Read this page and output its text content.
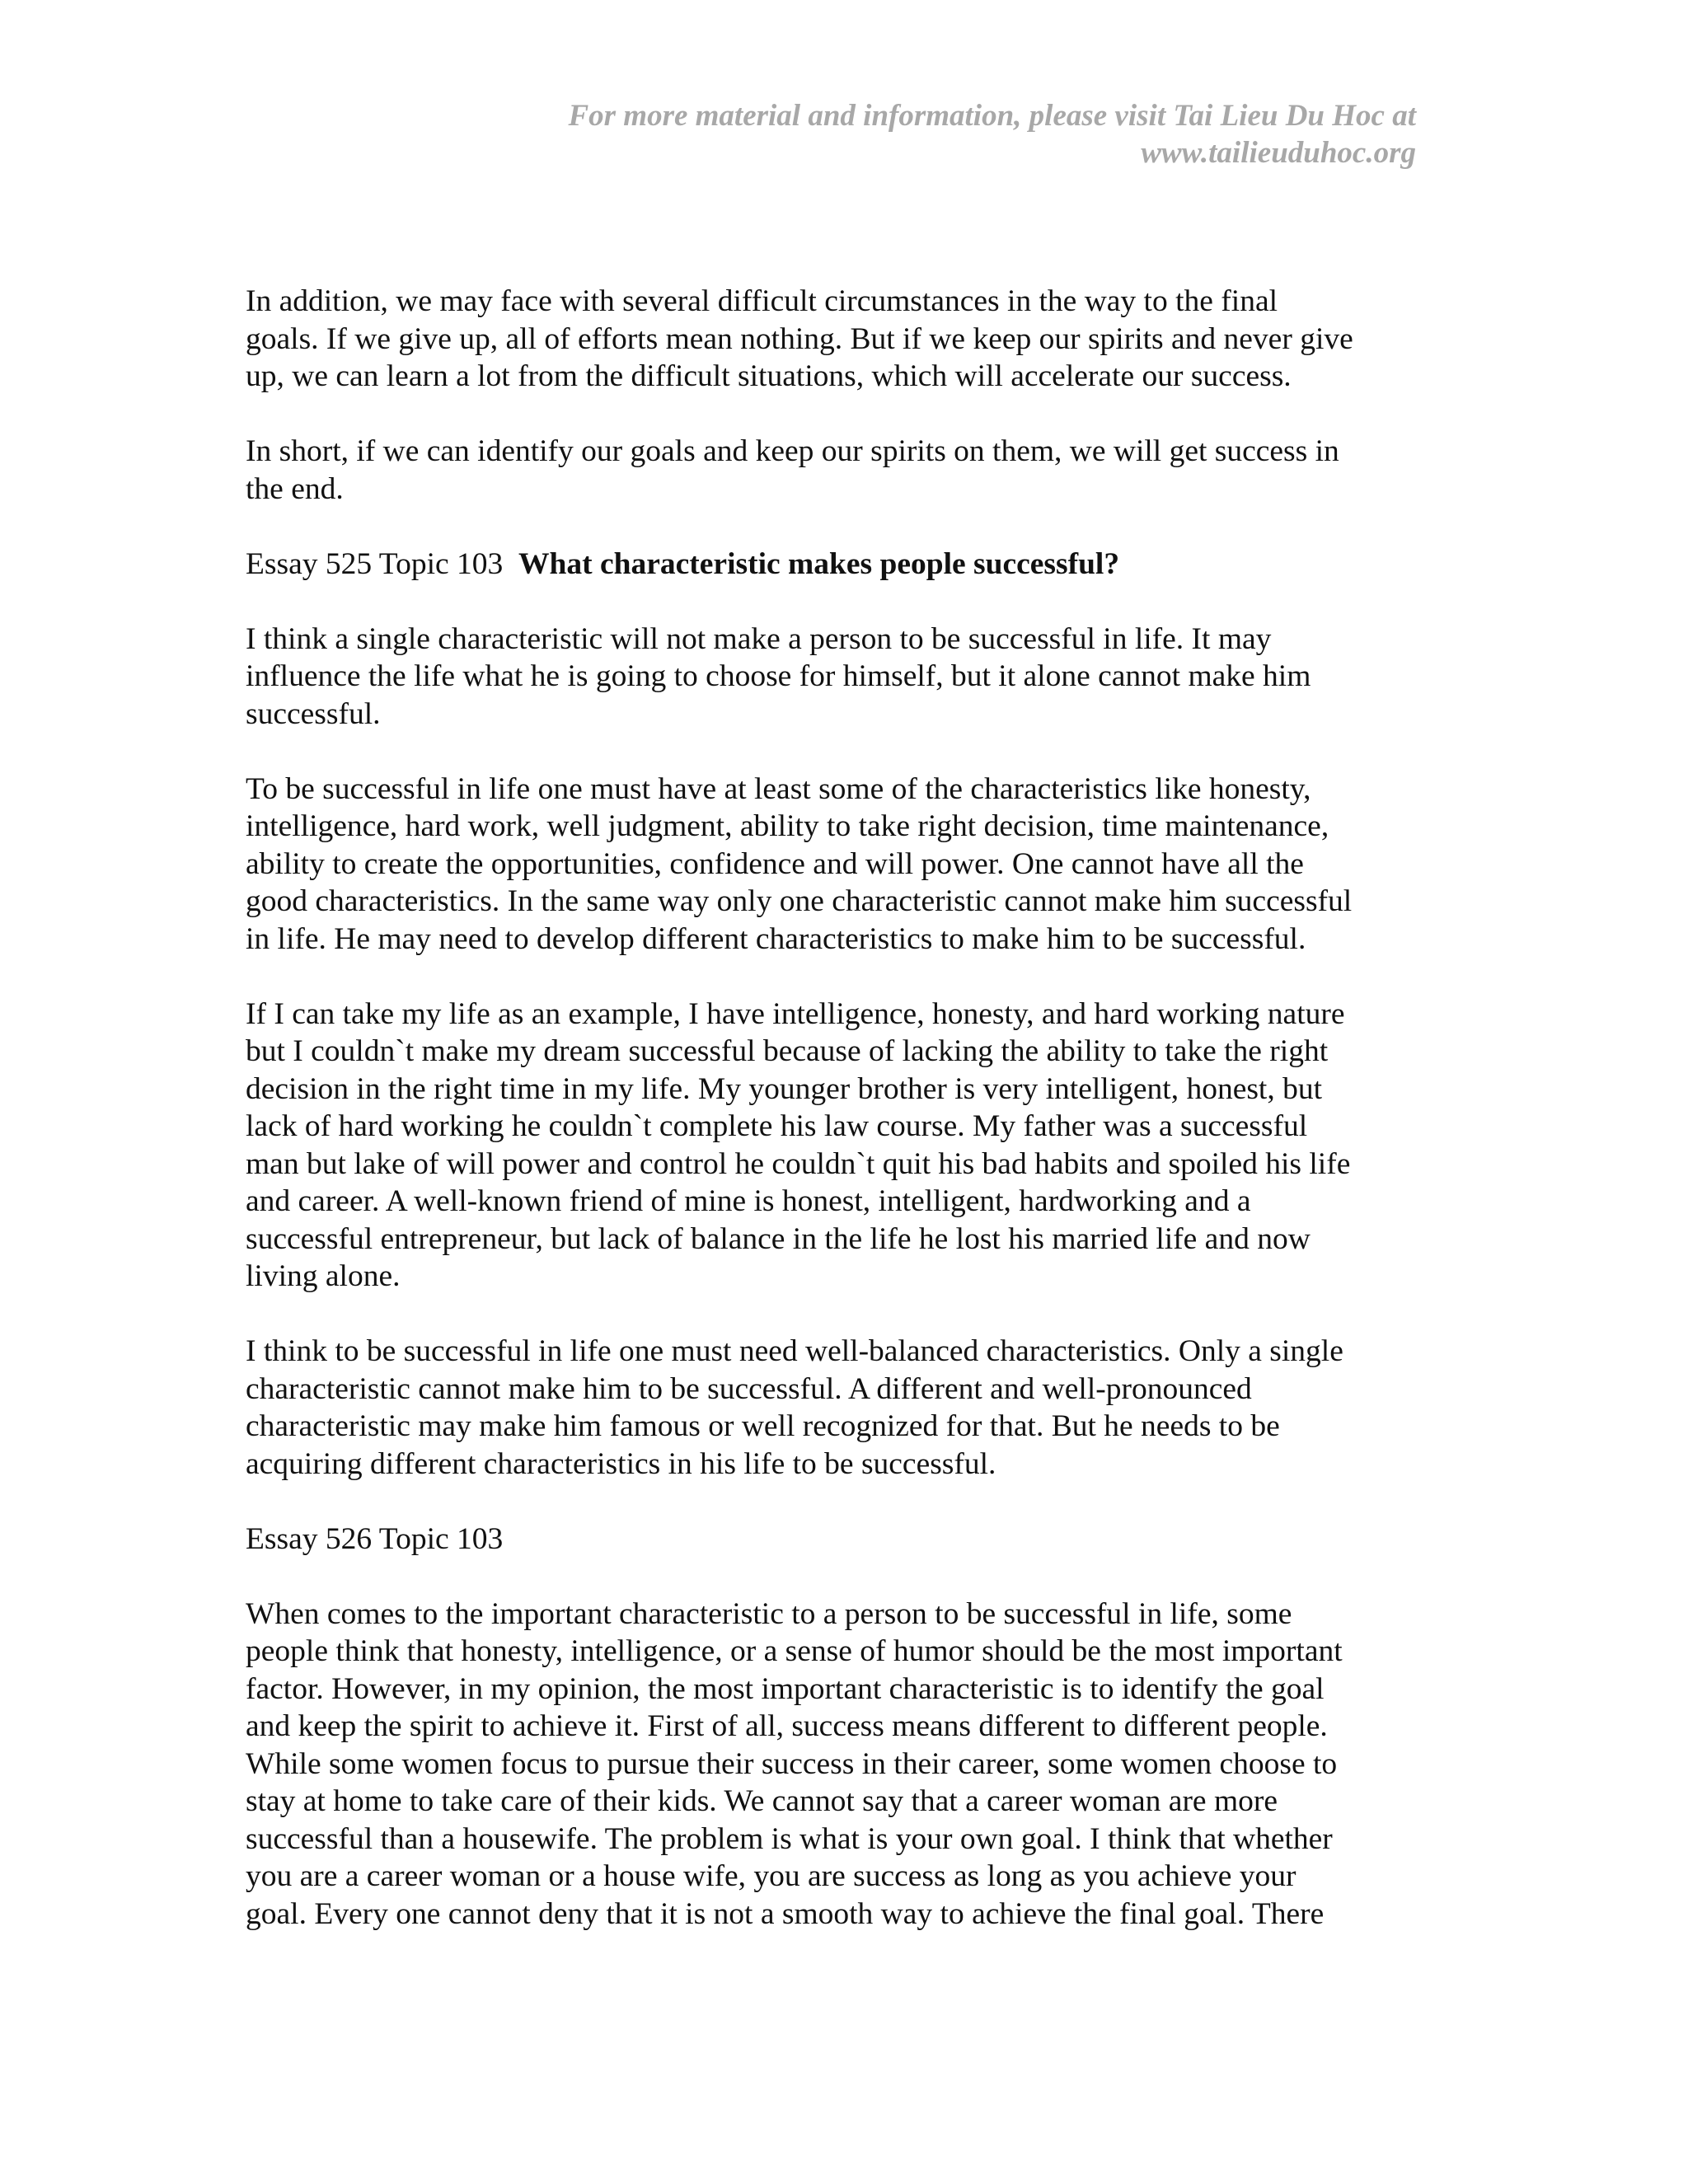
For more material and information, please visit Tai Lieu Du Hoc at
www.tailieuduhoc.org

In addition, we may face with several difficult circumstances in the way to the final
goals. If we give up, all of efforts mean nothing. But if we keep our spirits and never give
up, we can learn a lot from the difficult situations, which will accelerate our success.

In short, if we can identify our goals and keep our spirits on them, we will get success in
the end.

Essay 525 Topic 103 What characteristic makes people successful?

I think a single characteristic will not make a person to be successful in life. It may
influence the life what he is going to choose for himself, but it alone cannot make him
successful.

To be successful in life one must have at least some of the characteristics like honesty,
intelligence, hard work, well judgment, ability to take right decision, time maintenance,
ability to create the opportunities, confidence and will power. One cannot have all the
good characteristics. In the same way only one characteristic cannot make him successful
in life. He may need to develop different characteristics to make him to be successful.

If I can take my life as an example, I have intelligence, honesty, and hard working nature
but I couldn`t make my dream successful because of lacking the ability to take the right
decision in the right time in my life. My younger brother is very intelligent, honest, but
lack of hard working he couldn`t complete his law course. My father was a successful
man but lake of will power and control he couldn`t quit his bad habits and spoiled his life
and career. A well-known friend of mine is honest, intelligent, hardworking and a
successful entrepreneur, but lack of balance in the life he lost his married life and now
living alone.

I think to be successful in life one must need well-balanced characteristics. Only a single
characteristic cannot make him to be successful. A different and well-pronounced
characteristic may make him famous or well recognized for that. But he needs to be
acquiring different characteristics in his life to be successful.

Essay 526 Topic 103

When comes to the important characteristic to a person to be successful in life, some
people think that honesty, intelligence, or a sense of humor should be the most important
factor. However, in my opinion, the most important characteristic is to identify the goal
and keep the spirit to achieve it. First of all, success means different to different people.
While some women focus to pursue their success in their career, some women choose to
stay at home to take care of their kids. We cannot say that a career woman are more
successful than a housewife. The problem is what is your own goal. I think that whether
you are a career woman or a house wife, you are success as long as you achieve your
goal. Every one cannot deny that it is not a smooth way to achieve the final goal. There
